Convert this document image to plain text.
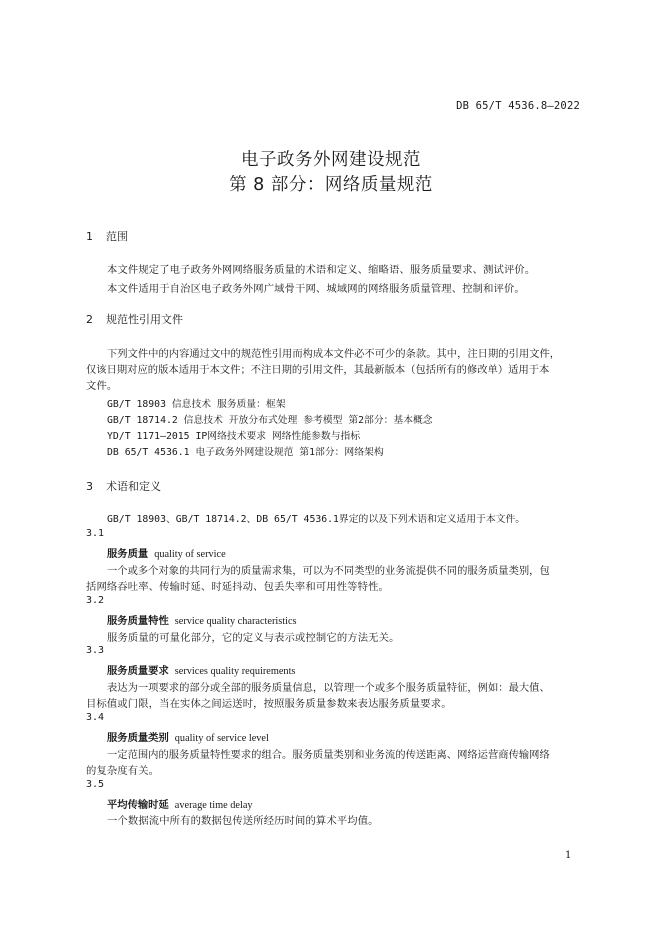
DB 65/T 4536.8—2022
电子政务外网建设规范
第 8 部分：网络质量规范
1 范围
本文件规定了电子政务外网网络服务质量的术语和定义、缩略语、服务质量要求、测试评价。
本文件适用于自治区电子政务外网广域骨干网、城域网的网络服务质量管理、控制和评价。
2 规范性引用文件
下列文件中的内容通过文中的规范性引用而构成本文件必不可少的条款。其中，注日期的引用文件，
仅该日期对应的版本适用于本文件；不注日期的引用文件，其最新版本（包括所有的修改单）适用于本
文件。
GB/T 18903 信息技术 服务质量：框架
GB/T 18714.2 信息技术 开放分布式处理 参考模型 第2部分：基本概念
YD/T 1171—2015 IP网络技术要求 网络性能参数与指标
DB 65/T 4536.1 电子政务外网建设规范 第1部分：网络架构
3 术语和定义
GB/T 18903、GB/T 18714.2、DB 65/T 4536.1界定的以及下列术语和定义适用于本文件。
3.1
服务质量 quality of service
一个或多个对象的共同行为的质量需求集，可以为不同类型的业务流提供不同的服务质量类别，包
括网络吞吐率、传输时延、时延抖动、包丢失率和可用性等特性。
3.2
服务质量特性 service quality characteristics
服务质量的可量化部分，它的定义与表示或控制它的方法无关。
3.3
服务质量要求 services quality requirements
表达为一项要求的部分或全部的服务质量信息，以管理一个或多个服务质量特征，例如：最大值、
目标值或门限，当在实体之间运送时，按照服务质量参数来表达服务质量要求。
3.4
服务质量类别 quality of service level
一定范围内的服务质量特性要求的组合。服务质量类别和业务流的传送距离、网络运营商传输网络
的复杂度有关。
3.5
平均传输时延 average time delay
一个数据流中所有的数据包传送所经历时间的算术平均值。
1
